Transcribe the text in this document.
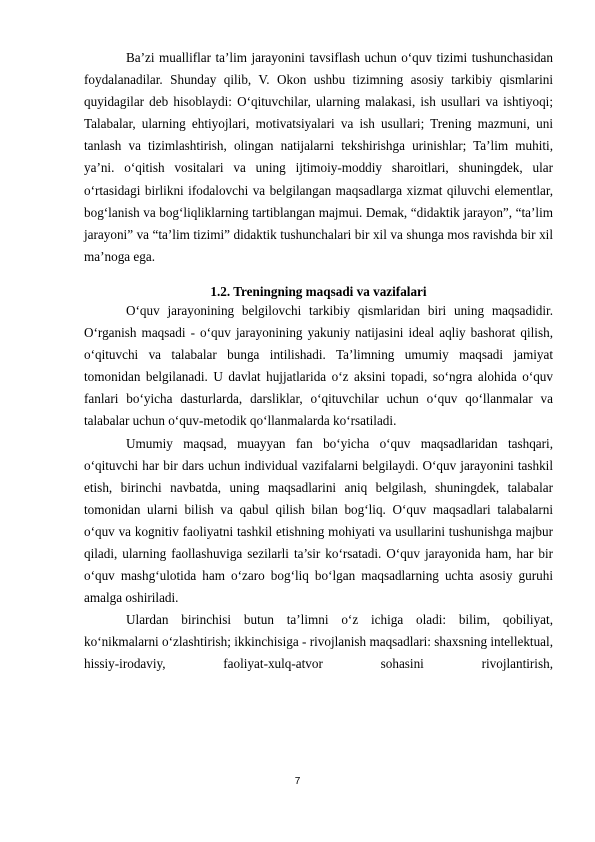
Ba’zi mualliflar ta’lim jarayonini tavsiflash uchun o‘quv tizimi tushunchasidan foydalanadilar. Shunday qilib, V. Okon ushbu tizimning asosiy tarkibiy qismlarini quyidagilar deb hisoblaydi: O‘qituvchilar, ularning malakasi, ish usullari va ishtiyoqi; Talabalar, ularning ehtiyojlari, motivatsiyalari va ish usullari; Trening mazmuni, uni tanlash va tizimlashtirish, olingan natijalarni tekshirishga urinishlar; Ta’lim muhiti, ya’ni. o‘qitish vositalari va uning ijtimoiy-moddiy sharoitlari, shuningdek, ular o‘rtasidagi birlikni ifodalovchi va belgilangan maqsadlarga xizmat qiluvchi elementlar, bog‘lanish va bog‘liqliklarning tartiblangan majmui. Demak, “didaktik jarayon”, “ta’lim jarayoni” va “ta’lim tizimi” didaktik tushunchalari bir xil va shunga mos ravishda bir xil ma’noga ega.

1.2. Treningning maqsadi va vazifalari

O‘quv jarayonining belgilovchi tarkibiy qismlaridan biri uning maqsadidir. O‘rganish maqsadi - o‘quv jarayonining yakuniy natijasini ideal aqliy bashorat qilish, o‘qituvchi va talabalar bunga intilishadi. Ta’limning umumiy maqsadi jamiyat tomonidan belgilanadi. U davlat hujjatlarida o‘z aksini topadi, so‘ngra alohida o‘quv fanlari bo‘yicha dasturlarda, darsliklar, o‘qituvchilar uchun o‘quv qo‘llanmalar va talabalar uchun o‘quv-metodik qo‘llanmalarda ko‘rsatiladi.

Umumiy maqsad, muayyan fan bo‘yicha o‘quv maqsadlaridan tashqari, o‘qituvchi har bir dars uchun individual vazifalarni belgilaydi. O‘quv jarayonini tashkil etish, birinchi navbatda, uning maqsadlarini aniq belgilash, shuningdek, talabalar tomonidan ularni bilish va qabul qilish bilan bog‘liq. O‘quv maqsadlari talabalarni o‘quv va kognitiv faoliyatni tashkil etishning mohiyati va usullarini tushunishga majbur qiladi, ularning faollashuviga sezilarli ta’sir ko‘rsatadi. O‘quv jarayonida ham, har bir o‘quv mashg‘ulotida ham o‘zaro bog‘liq bo‘lgan maqsadlarning uchta asosiy guruhi amalga oshiriladi.

Ulardan birinchisi butun ta’limni o‘z ichiga oladi: bilim, qobiliyat, ko‘nikmalarni o‘zlashtirish; ikkinchisiga - rivojlanish maqsadlari: shaxsning intellektual, hissiy-irodaviy, faoliyat-xulq-atvor sohasini rivojlantirish,

7
